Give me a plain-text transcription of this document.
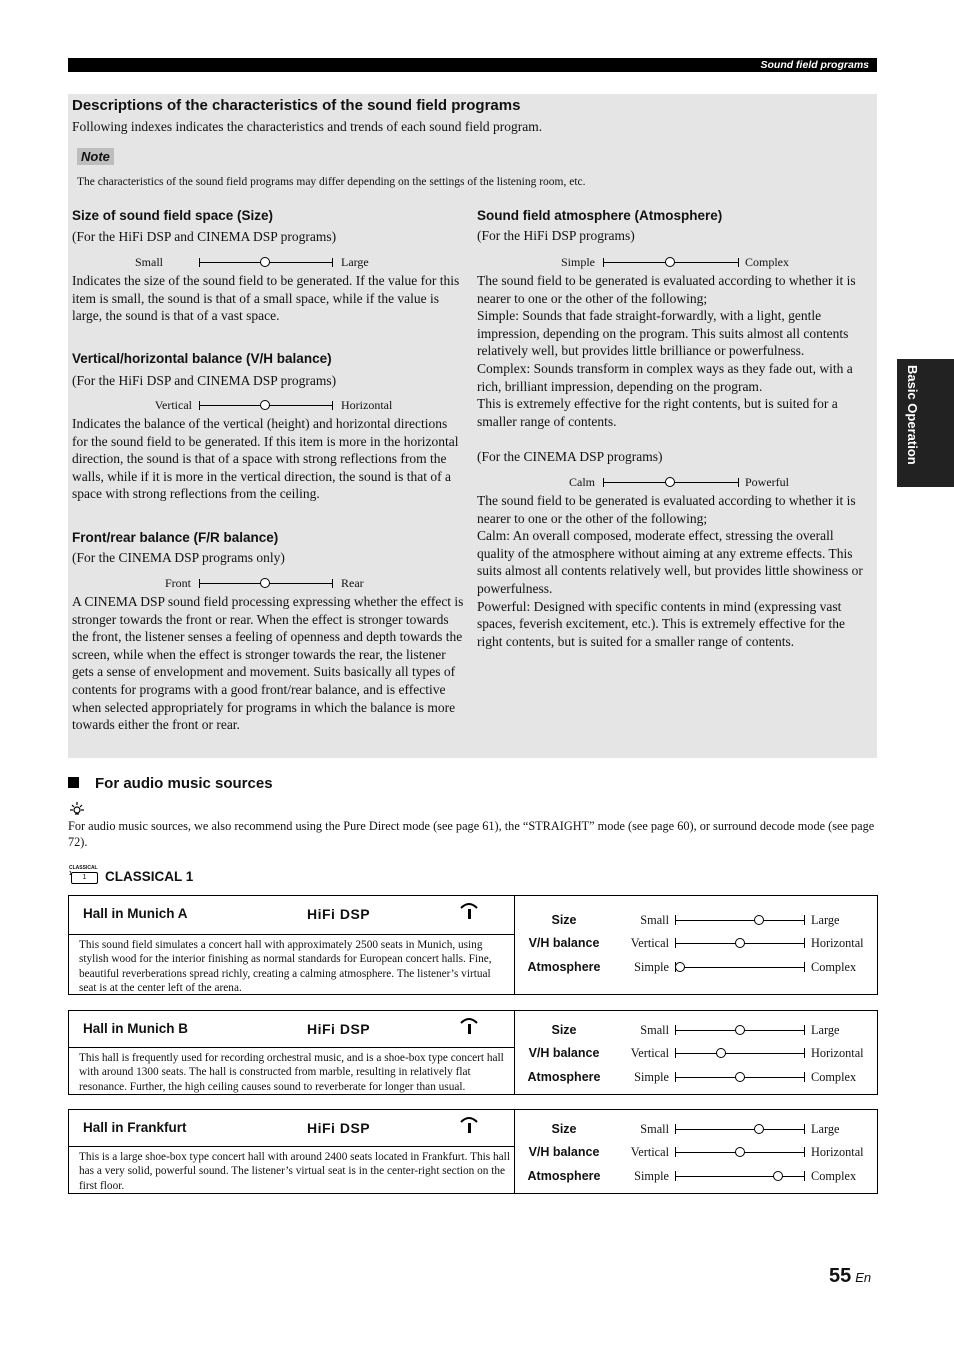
Sound field programs
Basic Operation
Descriptions of the characteristics of the sound field programs
Following indexes indicates the characteristics and trends of each sound field program.
Note
The characteristics of the sound field programs may differ depending on the settings of the listening room, etc.
Size of sound field space (Size)
(For the HiFi DSP and CINEMA DSP programs)
Small	Large
Indicates the size of the sound field to be generated. If the value for this item is small, the sound is that of a small space, while if the value is large, the sound is that of a vast space.
Vertical/horizontal balance (V/H balance)
(For the HiFi DSP and CINEMA DSP programs)
Vertical	Horizontal
Indicates the balance of the vertical (height) and horizontal directions for the sound field to be generated. If this item is more in the horizontal direction, the sound is that of a space with strong reflections from the walls, while if it is more in the vertical direction, the sound is that of a space with strong reflections from the ceiling.
Front/rear balance (F/R balance)
(For the CINEMA DSP programs only)
Front	Rear
A CINEMA DSP sound field processing expressing whether the effect is stronger towards the front or rear. When the effect is stronger towards the front, the listener senses a feeling of openness and depth towards the screen, while when the effect is stronger towards the rear, the listener gets a sense of envelopment and movement. Suits basically all types of contents for programs with a good front/rear balance, and is effective when selected appropriately for programs in which the balance is more towards either the front or rear.
Sound field atmosphere (Atmosphere)
(For the HiFi DSP programs)
Simple	Complex
The sound field to be generated is evaluated according to whether it is nearer to one or the other of the following;
Simple: Sounds that fade straight-forwardly, with a light, gentle impression, depending on the program. This suits almost all contents relatively well, but provides little brilliance or powerfulness.
Complex: Sounds transform in complex ways as they fade out, with a rich, brilliant impression, depending on the program.
This is extremely effective for the right contents, but is suited for a smaller range of contents.
(For the CINEMA DSP programs)
Calm	Powerful
The sound field to be generated is evaluated according to whether it is nearer to one or the other of the following;
Calm: An overall composed, moderate effect, stressing the overall quality of the atmosphere without aiming at any extreme effects. This suits almost all contents relatively well, but provides little showiness or powerfulness.
Powerful: Designed with specific contents in mind (expressing vast spaces, feverish excitement, etc.). This is extremely effective for the right contents, but is suited for a smaller range of contents.
For audio music sources
For audio music sources, we also recommend using the Pure Direct mode (see page 61), the “STRAIGHT” mode (see page 60), or surround decode mode (see page 72).
CLASSICAL 1	1	CLASSICAL 1
Hall in Munich A	HiFi DSP
This sound field simulates a concert hall with approximately 2500 seats in Munich, using stylish wood for the interior finishing as normal standards for European concert halls. Fine, beautiful reverberations spread richly, creating a calming atmosphere. The listener’s virtual seat is at the center left of the arena.
Size	Small	Large
V/H balance	Vertical	Horizontal
Atmosphere	Simple	Complex
Hall in Munich B	HiFi DSP
This hall is frequently used for recording orchestral music, and is a shoe-box type concert hall with around 1300 seats. The hall is constructed from marble, resulting in relatively flat resonance. Further, the high ceiling causes sound to reverberate for longer than usual.
Size	Small	Large
V/H balance	Vertical	Horizontal
Atmosphere	Simple	Complex
Hall in Frankfurt	HiFi DSP
This is a large shoe-box type concert hall with around 2400 seats located in Frankfurt. This hall has a very solid, powerful sound. The listener’s virtual seat is in the center-right section on the first floor.
Size	Small	Large
V/H balance	Vertical	Horizontal
Atmosphere	Simple	Complex
55 En
